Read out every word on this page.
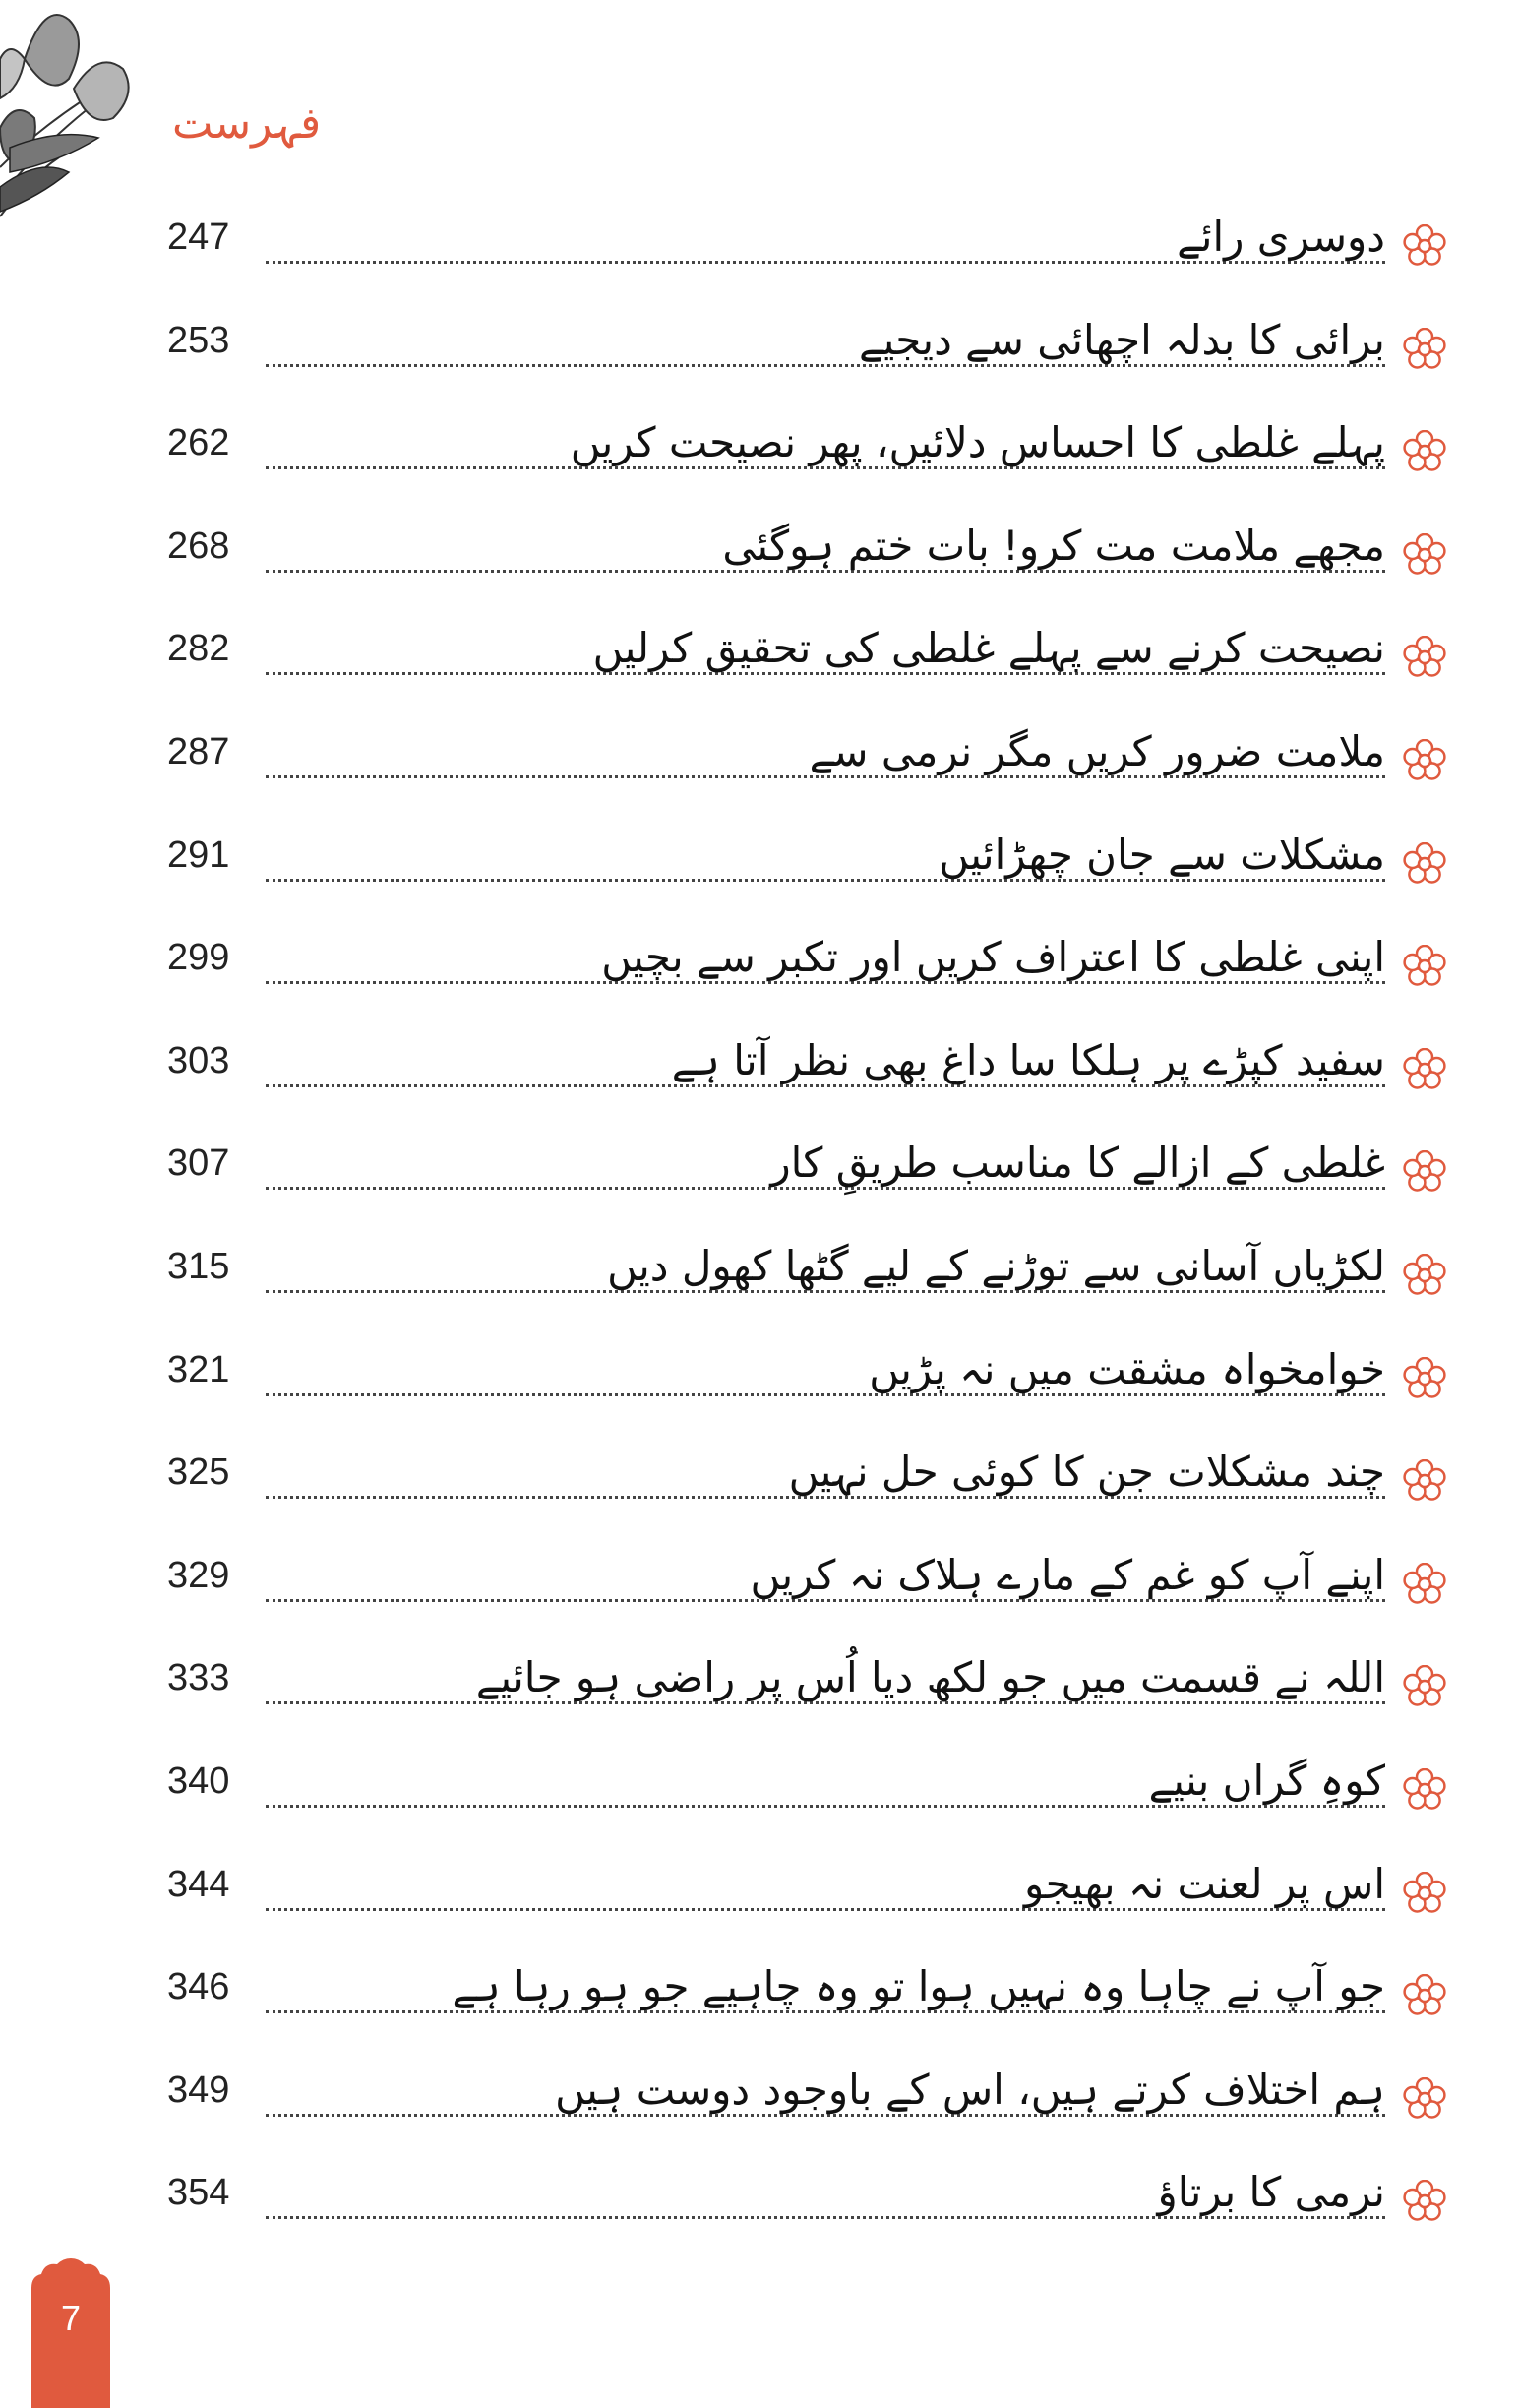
فہرست
247	دوسری رائے
253	برائی کا بدلہ اچھائی سے دیجیے
262	پہلے غلطی کا احساس دلائیں، پھر نصیحت کریں
268	مجھے ملامت مت کرو! بات ختم ہوگئی
282	نصیحت کرنے سے پہلے غلطی کی تحقیق کرلیں
287	ملامت ضرور کریں مگر نرمی سے
291	مشکلات سے جان چھڑائیں
299	اپنی غلطی کا اعتراف کریں اور تکبر سے بچیں
303	سفید کپڑے پر ہلکا سا داغ بھی نظر آتا ہے
307	غلطی کے ازالے کا مناسب طریقِ کار
315	لکڑیاں آسانی سے توڑنے کے لیے گٹھا کھول دیں
321	خوامخواہ مشقت میں نہ پڑیں
325	چند مشکلات جن کا کوئی حل نہیں
329	اپنے آپ کو غم کے مارے ہلاک نہ کریں
333	اللہ نے قسمت میں جو لکھ دیا اُس پر راضی ہو جائیے
340	کوہِ گراں بنیے
344	اس پر لعنت نہ بھیجو
346	جو آپ نے چاہا وہ نہیں ہوا تو وہ چاہیے جو ہو رہا ہے
349	ہم اختلاف کرتے ہیں، اس کے باوجود دوست ہیں
354	نرمی کا برتاؤ
7
